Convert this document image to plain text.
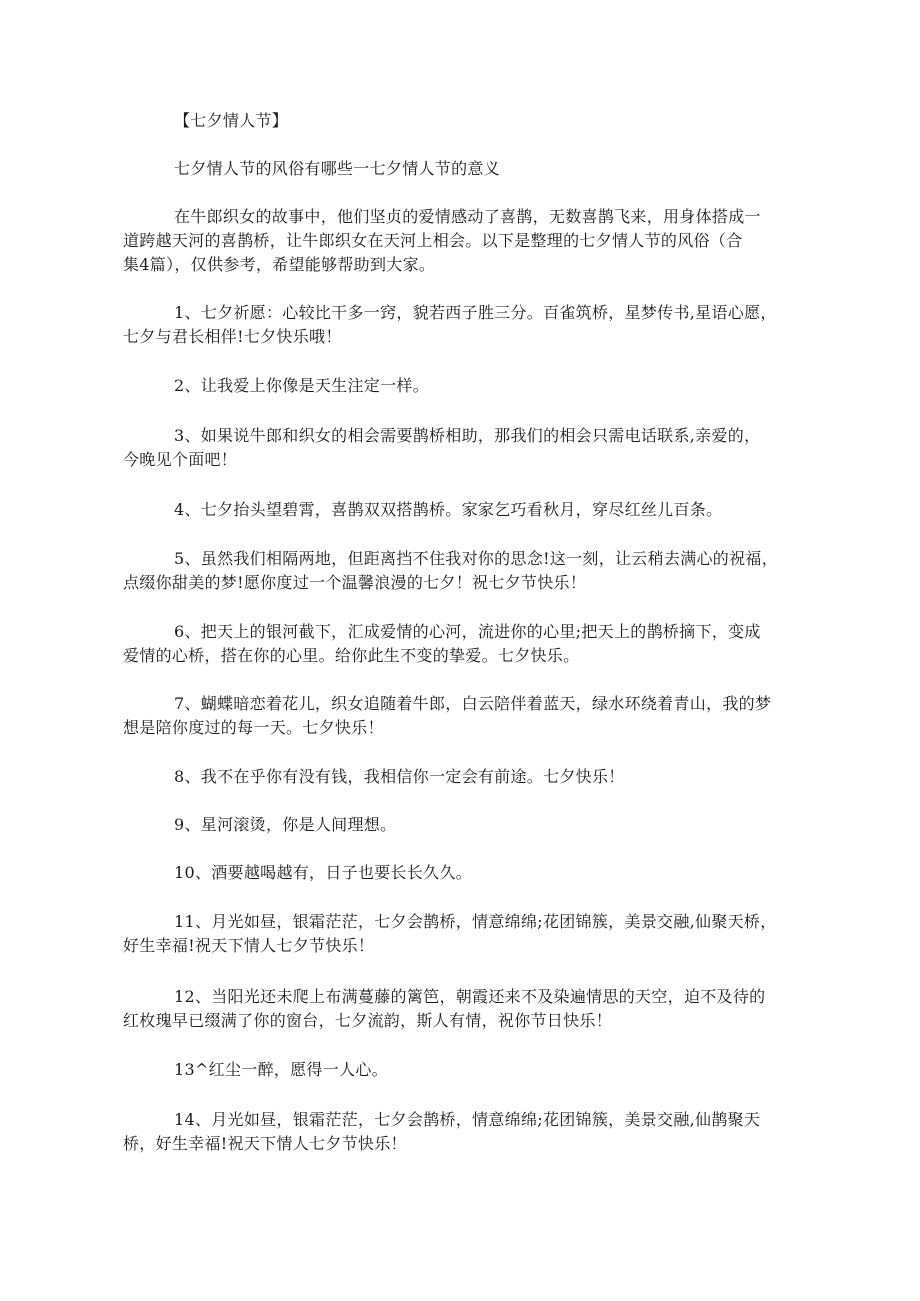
【七夕情人节】
七夕情人节的风俗有哪些一七夕情人节的意义
在牛郎织女的故事中，他们坚贞的爱情感动了喜鹊，无数喜鹊飞来，用身体搭成一
道跨越天河的喜鹊桥，让牛郎织女在天河上相会。以下是整理的七夕情人节的风俗（合
集4篇），仅供参考，希望能够帮助到大家。
1、七夕祈愿：心较比干多一窍，貌若西子胜三分。百雀筑桥，星梦传书,星语心愿，
七夕与君长相伴!七夕快乐哦！
2、让我爱上你像是天生注定一样。
3、如果说牛郎和织女的相会需要鹊桥相助，那我们的相会只需电话联系,亲爱的，
今晚见个面吧！
4、七夕抬头望碧霄，喜鹊双双搭鹊桥。家家乞巧看秋月，穿尽红丝儿百条。
5、虽然我们相隔两地，但距离挡不住我对你的思念!这一刻，让云稍去满心的祝福，
点缀你甜美的梦!愿你度过一个温馨浪漫的七夕！祝七夕节快乐！
6、把天上的银河截下，汇成爱情的心河，流进你的心里;把天上的鹊桥摘下，变成
爱情的心桥，搭在你的心里。给你此生不变的挚爱。七夕快乐。
7、蝴蝶暗恋着花儿，织女追随着牛郎，白云陪伴着蓝天，绿水环绕着青山，我的梦
想是陪你度过的每一天。七夕快乐！
8、我不在乎你有没有钱，我相信你一定会有前途。七夕快乐！
9、星河滚烫，你是人间理想。
10、酒要越喝越有，日子也要长长久久。
11、月光如昼，银霜茫茫，七夕会鹊桥，情意绵绵;花团锦簇，美景交融,仙聚天桥，
好生幸福!祝天下情人七夕节快乐！
12、当阳光还未爬上布满蔓藤的篱笆，朝霞还来不及染遍情思的天空，迫不及待的
红枚瑰早已缀满了你的窗台，七夕流韵，斯人有情，祝你节日快乐！
13^红尘一醉，愿得一人心。
14、月光如昼，银霜茫茫，七夕会鹊桥，情意绵绵;花团锦簇，美景交融,仙鹊聚天
桥，好生幸福!祝天下情人七夕节快乐！
